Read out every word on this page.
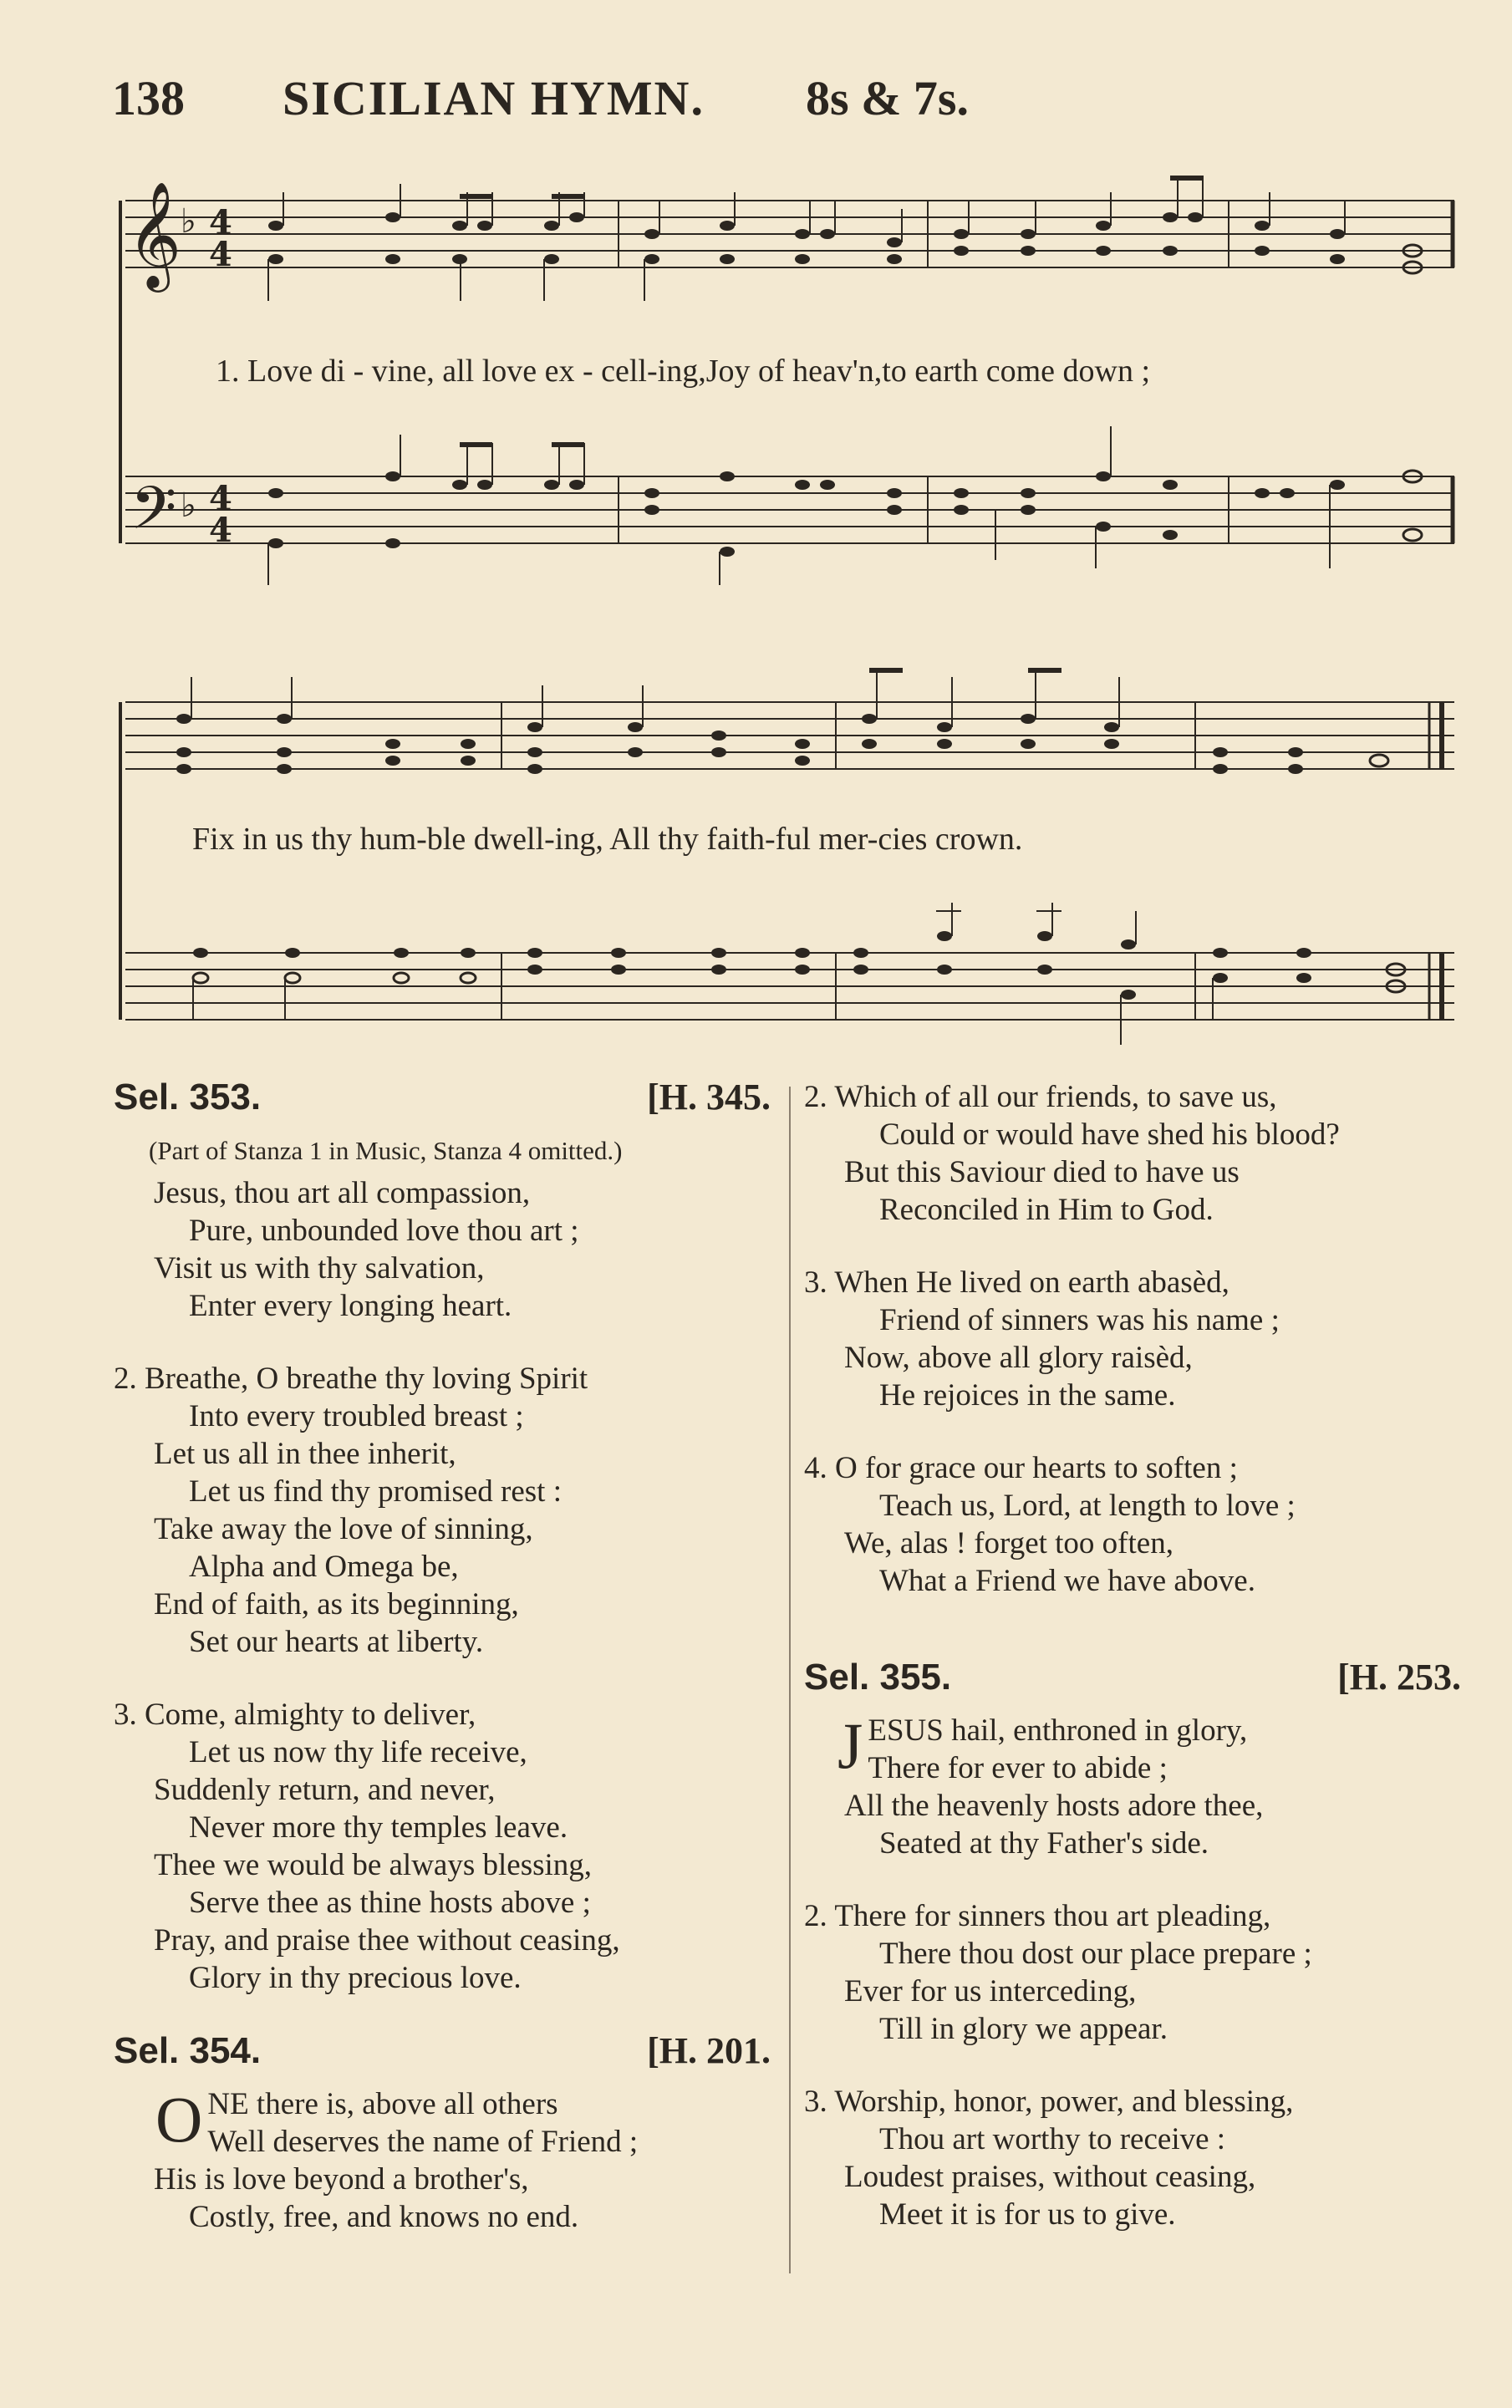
138 SICILIAN HYMN. 8s & 7s.
𝄞
𝄢
♭
♭
4
4
4
4
1. Love di - vine, all love ex - cell-ing,Joy of heav'n,to earth come down ;
Fix in us thy hum-ble dwell-ing, All thy faith-ful mer-cies crown.
Sel. 353.	[H. 345.
(Part of Stanza 1 in Music, Stanza 4 omitted.)
Jesus, thou art all compassion,
Pure, unbounded love thou art ;
Visit us with thy salvation,
Enter every longing heart.
2. Breathe, O breathe thy loving Spirit
Into every troubled breast ;
Let us all in thee inherit,
Let us find thy promised rest :
Take away the love of sinning,
Alpha and Omega be,
End of faith, as its beginning,
Set our hearts at liberty.
3. Come, almighty to deliver,
Let us now thy life receive,
Suddenly return, and never,
Never more thy temples leave.
Thee we would be always blessing,
Serve thee as thine hosts above ;
Pray, and praise thee without ceasing,
Glory in thy precious love.
Sel. 354.	[H. 201.
O NE there is, above all others
Well deserves the name of Friend ;
His is love beyond a brother's,
Costly, free, and knows no end.
2. Which of all our friends, to save us,
Could or would have shed his blood?
But this Saviour died to have us
Reconciled in Him to God.
3. When He lived on earth abasèd,
Friend of sinners was his name ;
Now, above all glory raisèd,
He rejoices in the same.
4. O for grace our hearts to soften ;
Teach us, Lord, at length to love ;
We, alas ! forget too often,
What a Friend we have above.
Sel. 355.	[H. 253.
J ESUS hail, enthroned in glory,
There for ever to abide ;
All the heavenly hosts adore thee,
Seated at thy Father's side.
2. There for sinners thou art pleading,
There thou dost our place prepare ;
Ever for us interceding,
Till in glory we appear.
3. Worship, honor, power, and blessing,
Thou art worthy to receive :
Loudest praises, without ceasing,
Meet it is for us to give.
